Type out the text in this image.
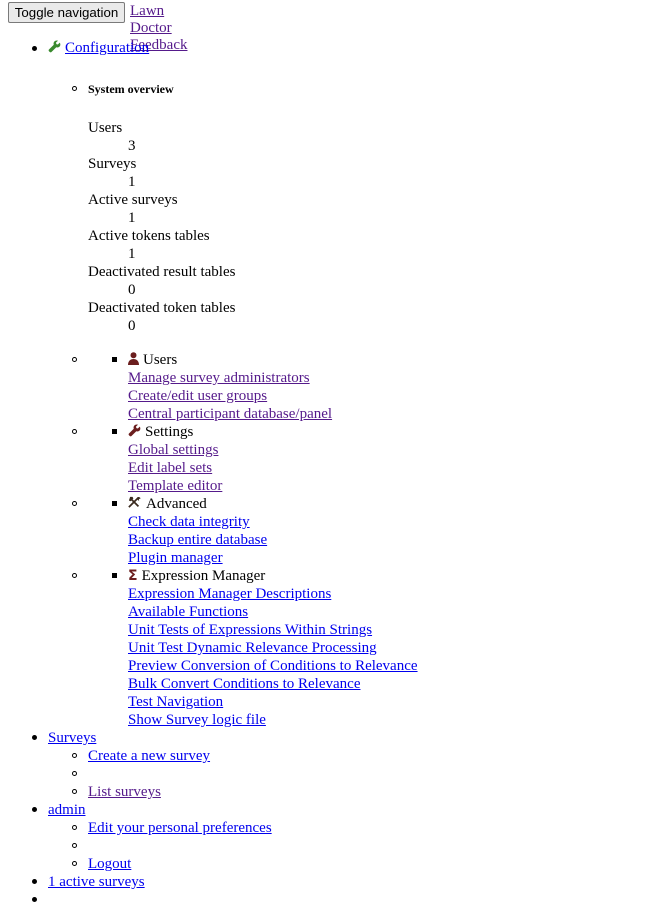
Toggle navigation Lawn Doctor Feedback
Configuration
System overview
Users
3
Surveys
1
Active surveys
1
Active tokens tables
1
Deactivated result tables
0
Deactivated token tables
0
Users
Manage survey administrators
Create/edit user groups
Central participant database/panel
Settings
Global settings
Edit label sets
Template editor
Advanced
Check data integrity
Backup entire database
Plugin manager
Σ Expression Manager
Expression Manager Descriptions
Available Functions
Unit Tests of Expressions Within Strings
Unit Test Dynamic Relevance Processing
Preview Conversion of Conditions to Relevance
Bulk Convert Conditions to Relevance
Test Navigation
Show Survey logic file
Surveys
Create a new survey
List surveys
admin
Edit your personal preferences
Logout
1 active surveys
